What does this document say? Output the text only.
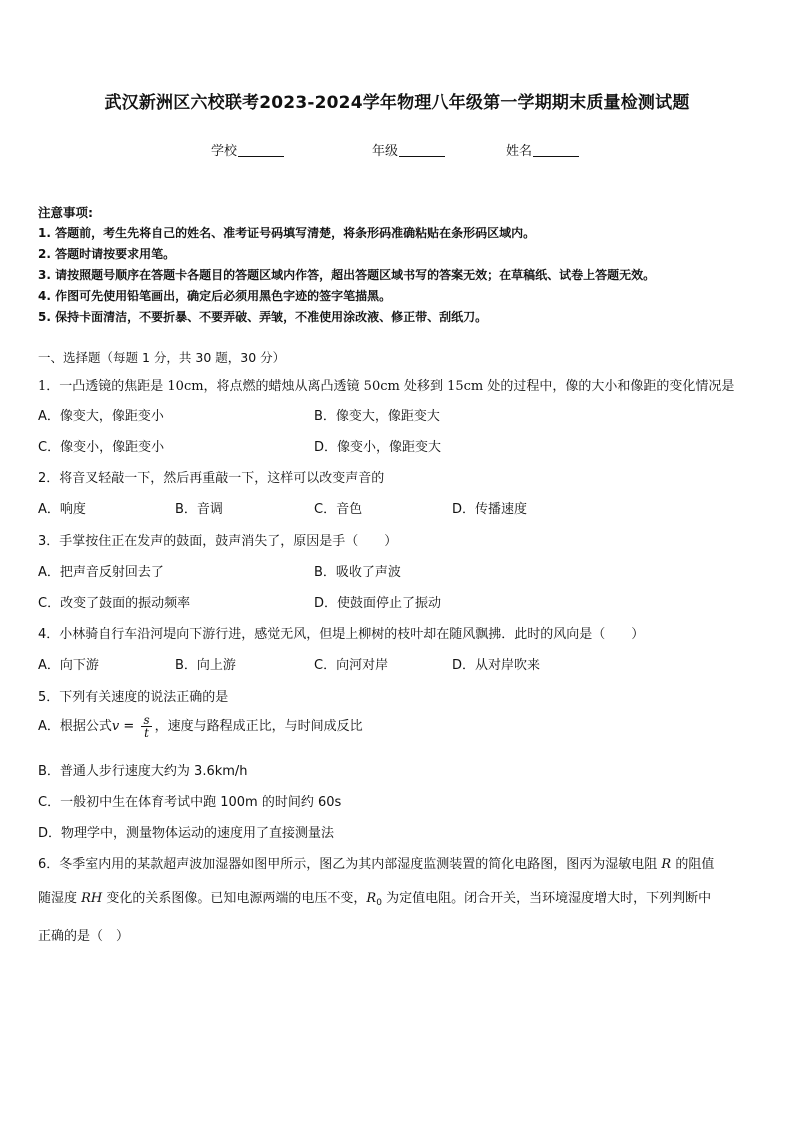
武汉新洲区六校联考2023-2024学年物理八年级第一学期期末质量检测试题
学校	年级	姓名
注意事项:
1. 答题前，考生先将自己的姓名、准考证号码填写清楚，将条形码准确粘贴在条形码区域内。
2. 答题时请按要求用笔。
3. 请按照题号顺序在答题卡各题目的答题区域内作答，超出答题区域书写的答案无效；在草稿纸、试卷上答题无效。
4. 作图可先使用铅笔画出，确定后必须用黑色字迹的签字笔描黑。
5. 保持卡面清洁，不要折暴、不要弄破、弄皱，不准使用涂改液、修正带、刮纸刀。
一、选择题（每题 1 分，共 30 题，30 分）
1．一凸透镜的焦距是 10cm，将点燃的蜡烛从离凸透镜 50cm 处移到 15cm 处的过程中，像的大小和像距的变化情况是
A．像变大，像距变小	B．像变大，像距变大
C．像变小，像距变小	D．像变小，像距变大
2．将音叉轻敲一下，然后再重敲一下，这样可以改变声音的
A．响度	B．音调	C．音色	D．传播速度
3．手掌按住正在发声的鼓面，鼓声消失了，原因是手（　　）
A．把声音反射回去了	B．吸收了声波
C．改变了鼓面的振动频率	D．使鼓面停止了振动
4．小林骑自行车沿河堤向下游行进，感觉无风，但堤上柳树的枝叶却在随风飘拂．此时的风向是（　　）
A．向下游	B．向上游	C．向河对岸	D．从对岸吹来
5．下列有关速度的说法正确的是
A．根据公式$v = \frac{s}{t}$ ，速度与路程成正比，与时间成反比
B．普通人步行速度大约为 3.6km/h
C．一般初中生在体育考试中跑 100m 的时间约 60s
D．物理学中，测量物体运动的速度用了直接测量法
6．冬季室内用的某款超声波加湿器如图甲所示，图乙为其内部湿度监测装置的简化电路图，图丙为湿敏电阻 R 的阻值
随湿度 RH 变化的关系图像。已知电源两端的电压不变，$R_0$ 为定值电阻。闭合开关，当环境湿度增大时，下列判断中
正确的是（　）
